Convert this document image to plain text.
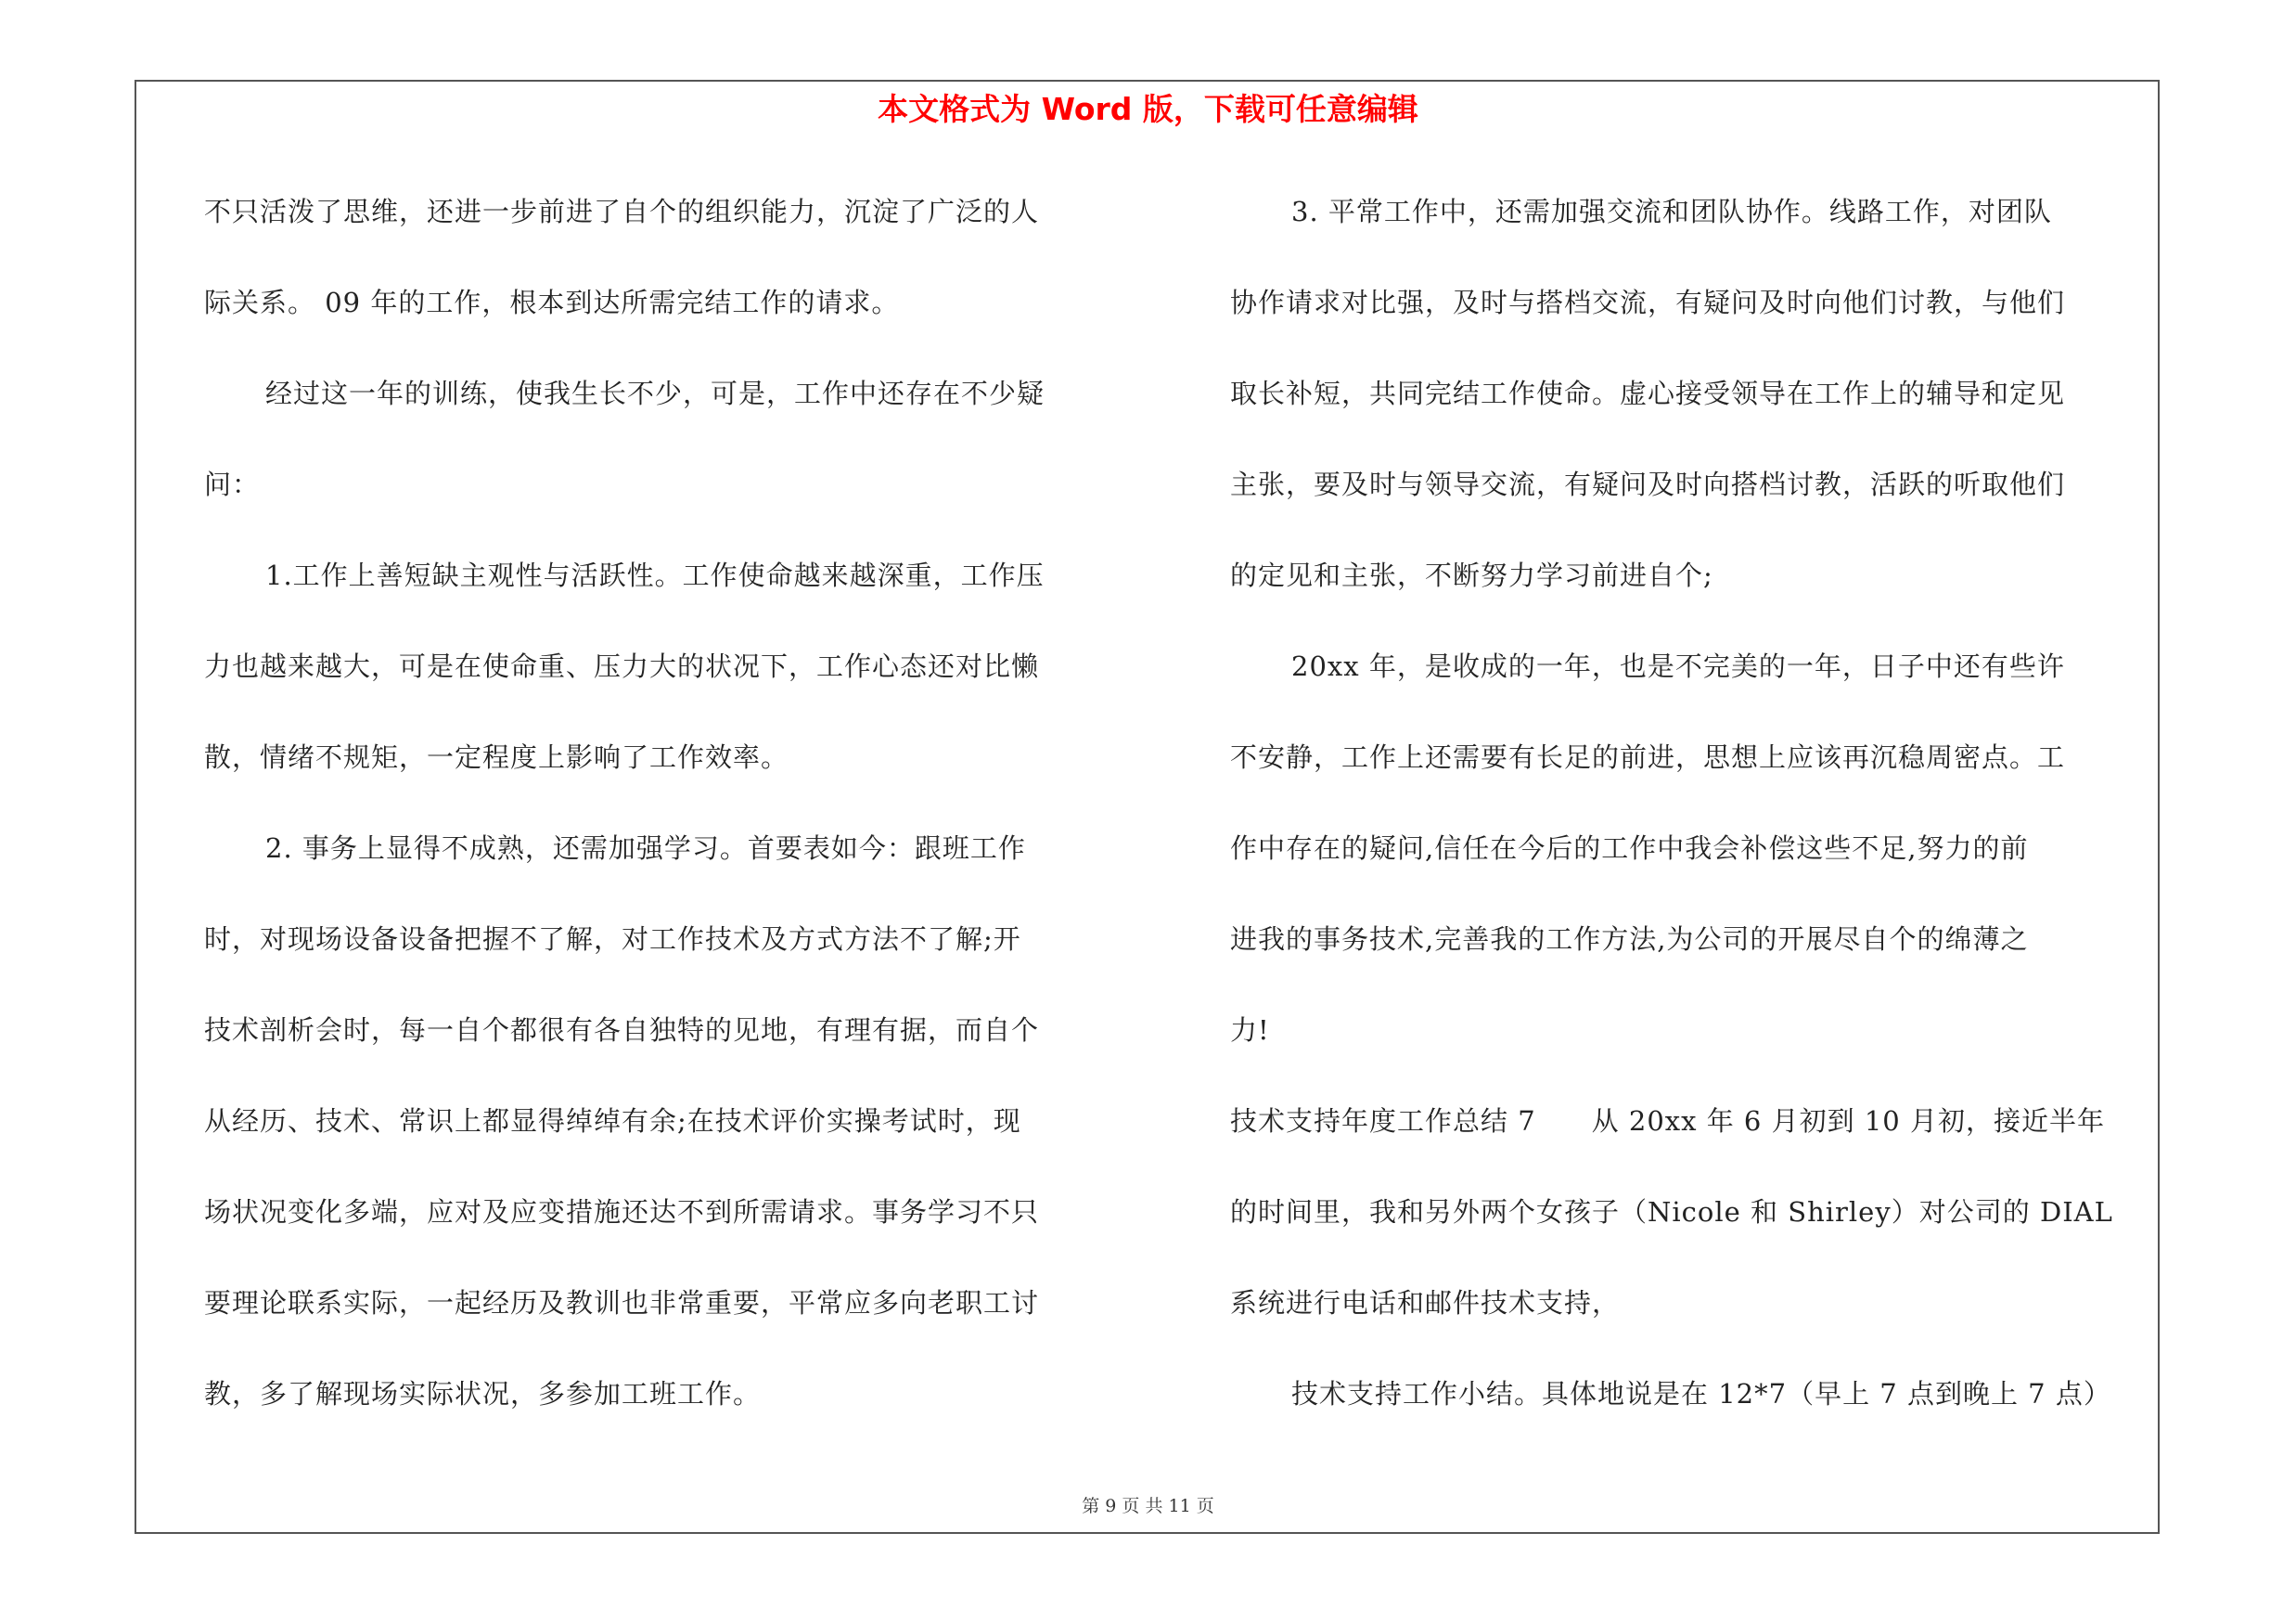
本文格式为 Word 版，下载可任意编辑
不只活泼了思维，还进一步前进了自个的组织能力，沉淀了广泛的人
际关系。 09 年的工作，根本到达所需完结工作的请求。
经过这一年的训练，使我生长不少，可是，工作中还存在不少疑
问：
1.工作上善短缺主观性与活跃性。工作使命越来越深重，工作压
力也越来越大，可是在使命重、压力大的状况下，工作心态还对比懒
散，情绪不规矩，一定程度上影响了工作效率。
2. 事务上显得不成熟，还需加强学习。首要表如今：跟班工作
时，对现场设备设备把握不了解，对工作技术及方式方法不了解;开
技术剖析会时，每一自个都很有各自独特的见地，有理有据，而自个
从经历、技术、常识上都显得绰绰有余;在技术评价实操考试时，现
场状况变化多端，应对及应变措施还达不到所需请求。事务学习不只
要理论联系实际，一起经历及教训也非常重要，平常应多向老职工讨
教，多了解现场实际状况，多参加工班工作。
3. 平常工作中，还需加强交流和团队协作。线路工作，对团队
协作请求对比强，及时与搭档交流，有疑问及时向他们讨教，与他们
取长补短，共同完结工作使命。虚心接受领导在工作上的辅导和定见
主张，要及时与领导交流，有疑问及时向搭档讨教，活跃的听取他们
的定见和主张，不断努力学习前进自个;
20xx 年，是收成的一年，也是不完美的一年，日子中还有些许
不安静，工作上还需要有长足的前进，思想上应该再沉稳周密点。工
作中存在的疑问,信任在今后的工作中我会补偿这些不足,努力的前
进我的事务技术,完善我的工作方法,为公司的开展尽自个的绵薄之
力!
技术支持年度工作总结 7　　从 20xx 年 6 月初到 10 月初，接近半年
的时间里，我和另外两个女孩子（Nicole 和 Shirley）对公司的 DIAL
系统进行电话和邮件技术支持，
技术支持工作小结。具体地说是在 12*7（早上 7 点到晚上 7 点）
第 9 页 共 11 页
